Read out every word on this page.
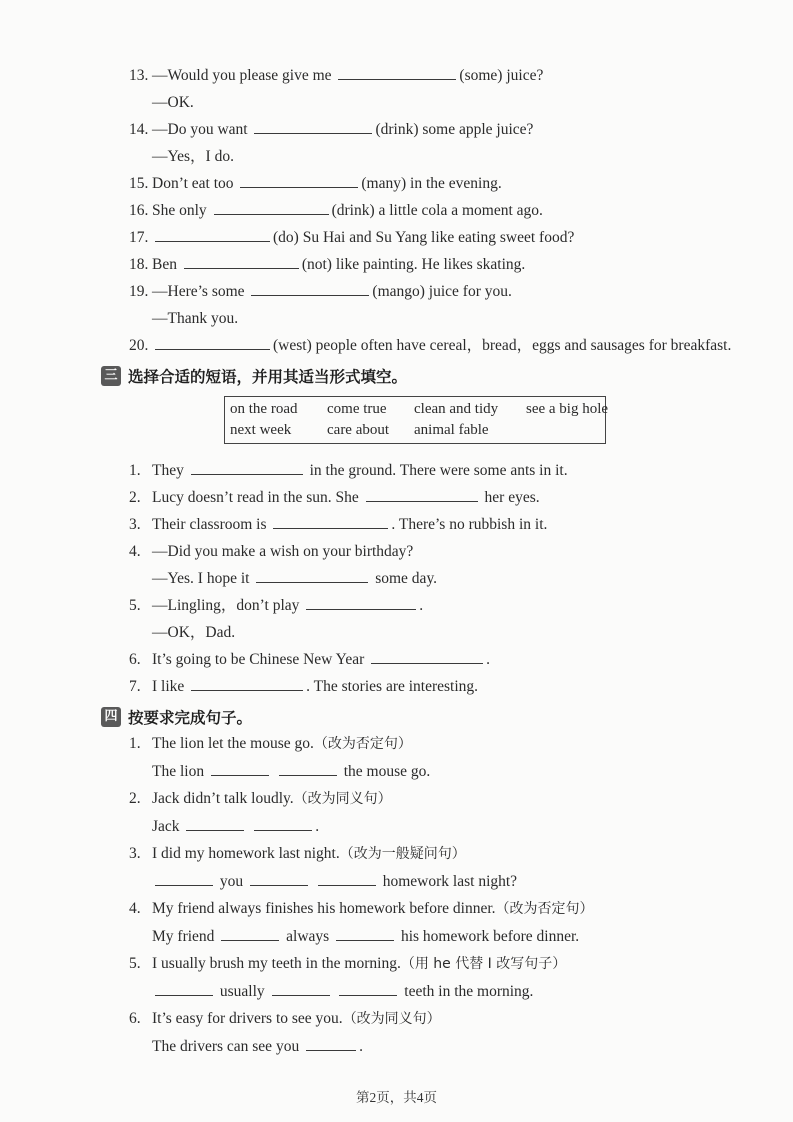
13. —Would you please give me	(some) juice?
—OK.
14. —Do you want	(drink) some apple juice?
—Yes，I do.
15. Don’t eat too	(many) in the evening.
16. She only	(drink) a little cola a moment ago.
17.	(do) Su Hai and Su Yang like eating sweet food?
18. Ben	(not) like painting. He likes skating.
19. —Here’s some	(mango) juice for you.
—Thank you.
20.	(west) people often have cereal，bread，eggs and sausages for breakfast.
三 选择合适的短语，并用其适当形式填空。
on the road	come true	clean and tidy	see a big hole
next week	care about	animal fable
1. They	in the ground. There were some ants in it.
2. Lucy doesn’t read in the sun. She	her eyes.
3. Their classroom is	. There’s no rubbish in it.
4. —Did you make a wish on your birthday?
—Yes. I hope it	some day.
5. —Lingling，don’t play	.
—OK，Dad.
6. It’s going to be Chinese New Year	.
7. I like	. The stories are interesting.
四 按要求完成句子。
1. The lion let the mouse go.（改为否定句）
The lion	the mouse go.
2. Jack didn’t talk loudly.（改为同义句）
Jack	.
3. I did my homework last night.（改为一般疑问句）
you	homework last night?
4. My friend always finishes his homework before dinner.（改为否定句）
My friend	always	his homework before dinner.
5. I usually brush my teeth in the morning.（用 he 代替 I 改写句子）
usually	teeth in the morning.
6. It’s easy for drivers to see you.（改为同义句）
The drivers can see you	.
第2页，共4页
